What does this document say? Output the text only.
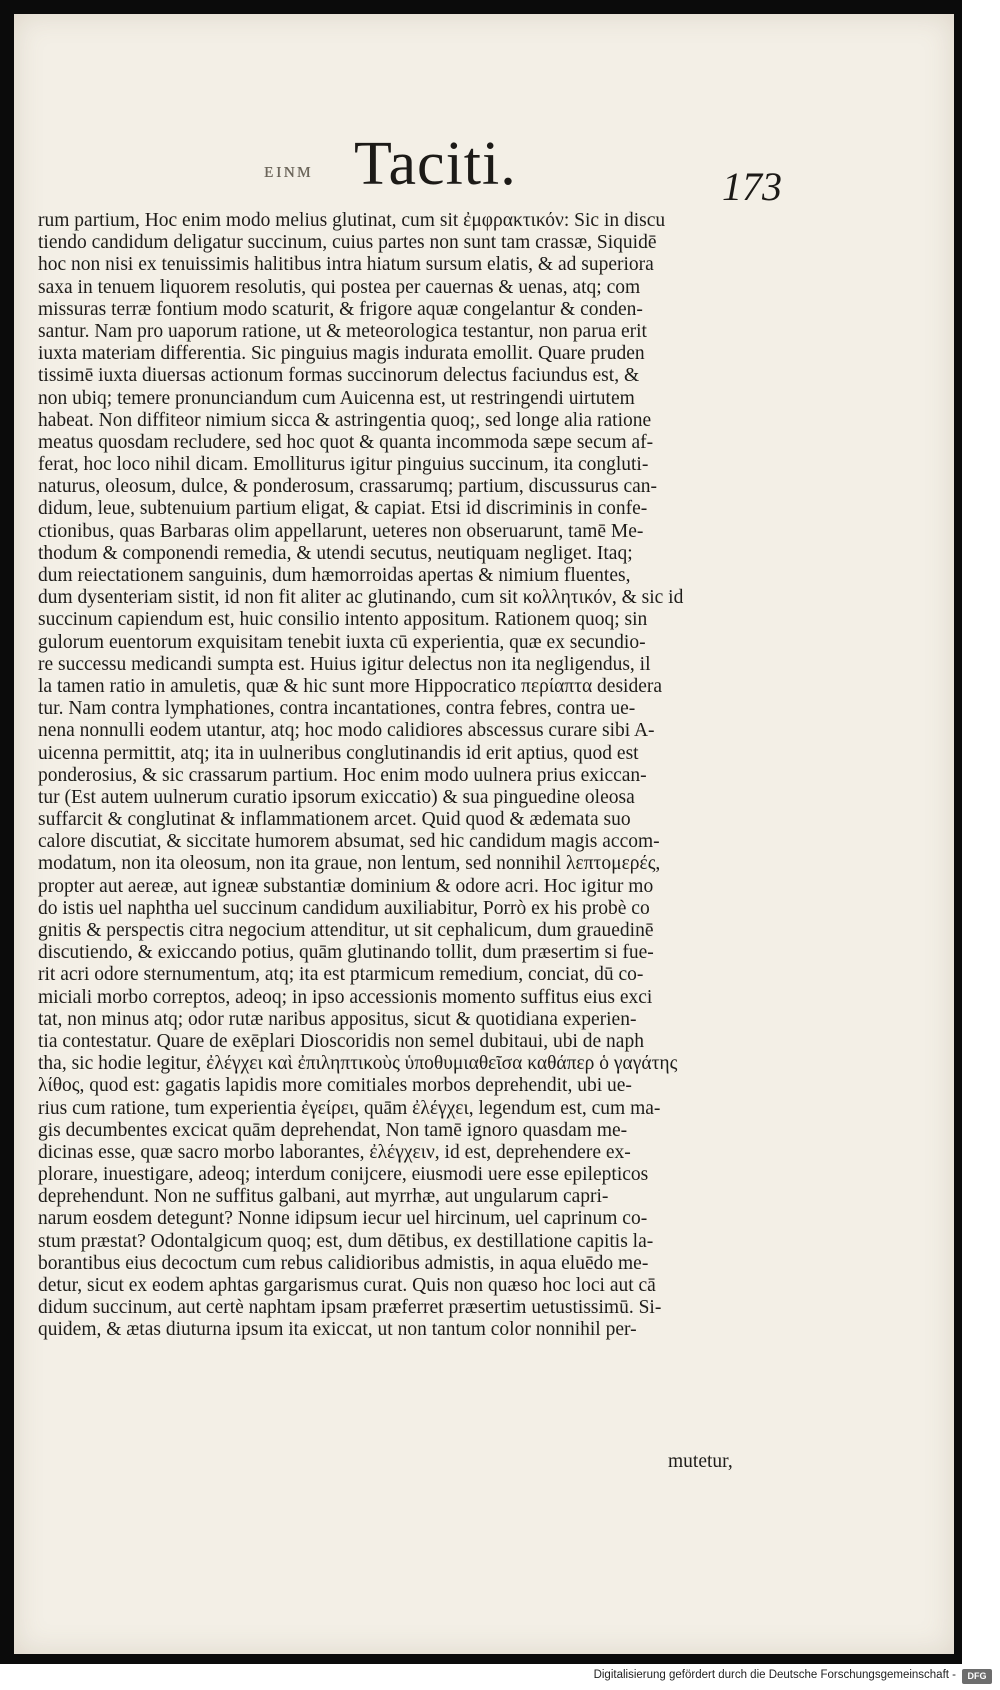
ᴇɪɴᴍ Taciti.	173
rum partium, Hoc enim modo melius glutinat, cum sit ἐμφρακτικόν: Sic in discu
tiendo candidum deligatur succinum, cuius partes non sunt tam crassæ, Siquidē
hoc non nisi ex tenuissimis halitibus intra hiatum sursum elatis, & ad superiora
saxa in tenuem liquorem resolutis, qui postea per cauernas & uenas, atq; com
missuras terræ fontium modo scaturit, & frigore aquæ congelantur & conden-
santur. Nam pro uaporum ratione, ut & meteorologica testantur, non parua erit
iuxta materiam differentia. Sic pinguius magis indurata emollit. Quare pruden
tissimē iuxta diuersas actionum formas succinorum delectus faciundus est, &
non ubiq; temere pronunciandum cum Auicenna est, ut restringendi uirtutem
habeat. Non diffiteor nimium sicca & astringentia quoq;, sed longe alia ratione
meatus quosdam recludere, sed hoc quot & quanta incommoda sæpe secum af-
ferat, hoc loco nihil dicam. Emolliturus igitur pinguius succinum, ita congluti-
naturus, oleosum, dulce, & ponderosum, crassarumq; partium, discussurus can-
didum, leue, subtenuium partium eligat, & capiat. Etsi id discriminis in confe-
ctionibus, quas Barbaras olim appellarunt, ueteres non obseruarunt, tamē Me-
thodum & componendi remedia, & utendi secutus, neutiquam negliget. Itaq;
dum reiectationem sanguinis, dum hæmorroidas apertas & nimium fluentes,
dum dysenteriam sistit, id non fit aliter ac glutinando, cum sit κολλητικόν, & sic id
succinum capiendum est, huic consilio intento appositum. Rationem quoq; sin
gulorum euentorum exquisitam tenebit iuxta cū experientia, quæ ex secundio-
re successu medicandi sumpta est. Huius igitur delectus non ita negligendus, il
la tamen ratio in amuletis, quæ & hic sunt more Hippocratico περίαπτα desidera
tur. Nam contra lymphationes, contra incantationes, contra febres, contra ue-
nena nonnulli eodem utantur, atq; hoc modo calidiores abscessus curare sibi A-
uicenna permittit, atq; ita in uulneribus conglutinandis id erit aptius, quod est
ponderosius, & sic crassarum partium. Hoc enim modo uulnera prius exiccan-
tur (Est autem uulnerum curatio ipsorum exiccatio) & sua pinguedine oleosa
suffarcit & conglutinat & inflammationem arcet. Quid quod & ædemata suo
calore discutiat, & siccitate humorem absumat, sed hic candidum magis accom-
modatum, non ita oleosum, non ita graue, non lentum, sed nonnihil λεπτομερές,
propter aut aereæ, aut igneæ substantiæ dominium & odore acri. Hoc igitur mo
do istis uel naphtha uel succinum candidum auxiliabitur, Porrò ex his probè co
gnitis & perspectis citra negocium attenditur, ut sit cephalicum, dum grauedinē
discutiendo, & exiccando potius, quām glutinando tollit, dum præsertim si fue-
rit acri odore sternumentum, atq; ita est ptarmicum remedium, conciat, dū co-
miciali morbo correptos, adeoq; in ipso accessionis momento suffitus eius exci
tat, non minus atq; odor rutæ naribus appositus, sicut & quotidiana experien-
tia contestatur. Quare de exēplari Dioscoridis non semel dubitaui, ubi de naph
tha, sic hodie legitur, ἐλέγχει καὶ ἐπιληπτικοὺς ὑποθυμιαθεῖσα καθάπερ ὁ γαγάτης
λίθος, quod est: gagatis lapidis more comitiales morbos deprehendit, ubi ue-
rius cum ratione, tum experientia ἐγείρει, quām ἐλέγχει, legendum est, cum ma-
gis decumbentes excicat quām deprehendat, Non tamē ignoro quasdam me-
dicinas esse, quæ sacro morbo laborantes, ἐλέγχειν, id est, deprehendere ex-
plorare, inuestigare, adeoq; interdum conijcere, eiusmodi uere esse epilepticos
deprehendunt. Non ne suffitus galbani, aut myrrhæ, aut ungularum capri-
narum eosdem detegunt? Nonne idipsum iecur uel hircinum, uel caprinum co-
stum præstat? Odontalgicum quoq; est, dum dētibus, ex destillatione capitis la-
borantibus eius decoctum cum rebus calidioribus admistis, in aqua eluēdo me-
detur, sicut ex eodem aphtas gargarismus curat. Quis non quæso hoc loci aut cā
didum succinum, aut certè naphtam ipsam præferret præsertim uetustissimū. Si-
quidem, & ætas diuturna ipsum ita exiccat, ut non tantum color nonnihil per-
mutetur,
Digitalisierung gefördert durch die Deutsche Forschungsgemeinschaft -	DFG
